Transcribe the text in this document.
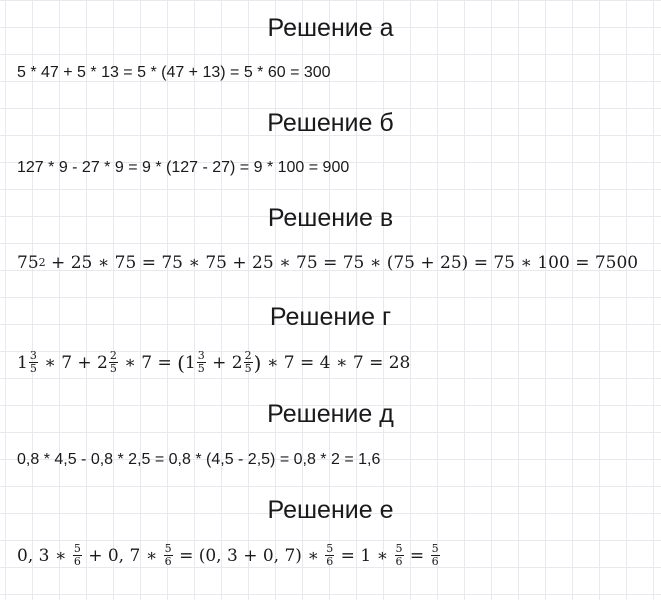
Решение а
5 * 47 + 5 * 13 = 5 * (47 + 13) = 5 * 60 = 300
Решение б
127 * 9 - 27 * 9 = 9 * (127 - 27) = 9 * 100 = 900
Решение в
75 2 + 25 ∗ 75 = 75 ∗ 75 + 25 ∗ 75 = 75 ∗ (75 + 25) = 75 ∗ 100 = 7500
Решение г
$1 \frac{3}{5}$ ∗ $7 + 2 \frac{2}{5}$ ∗ 7 = ( $1 \frac{3}{5} + 2 \frac{2}{5}$ ) ∗ 7 = 4 ∗ 7 = 28
Решение д
0,8 * 4,5 - 0,8 * 2,5 = 0,8 * (4,5 - 2,5) = 0,8 * 2 = 1,6
Решение е
0, 3 ∗ $\frac{5}{6} + 0$, 7 ∗ $\frac{5}{6} = (0$, 3 + 0, 7) ∗ $\frac{5}{6} = 1$ ∗ $\frac{5}{6} = \frac{5}{6}$
